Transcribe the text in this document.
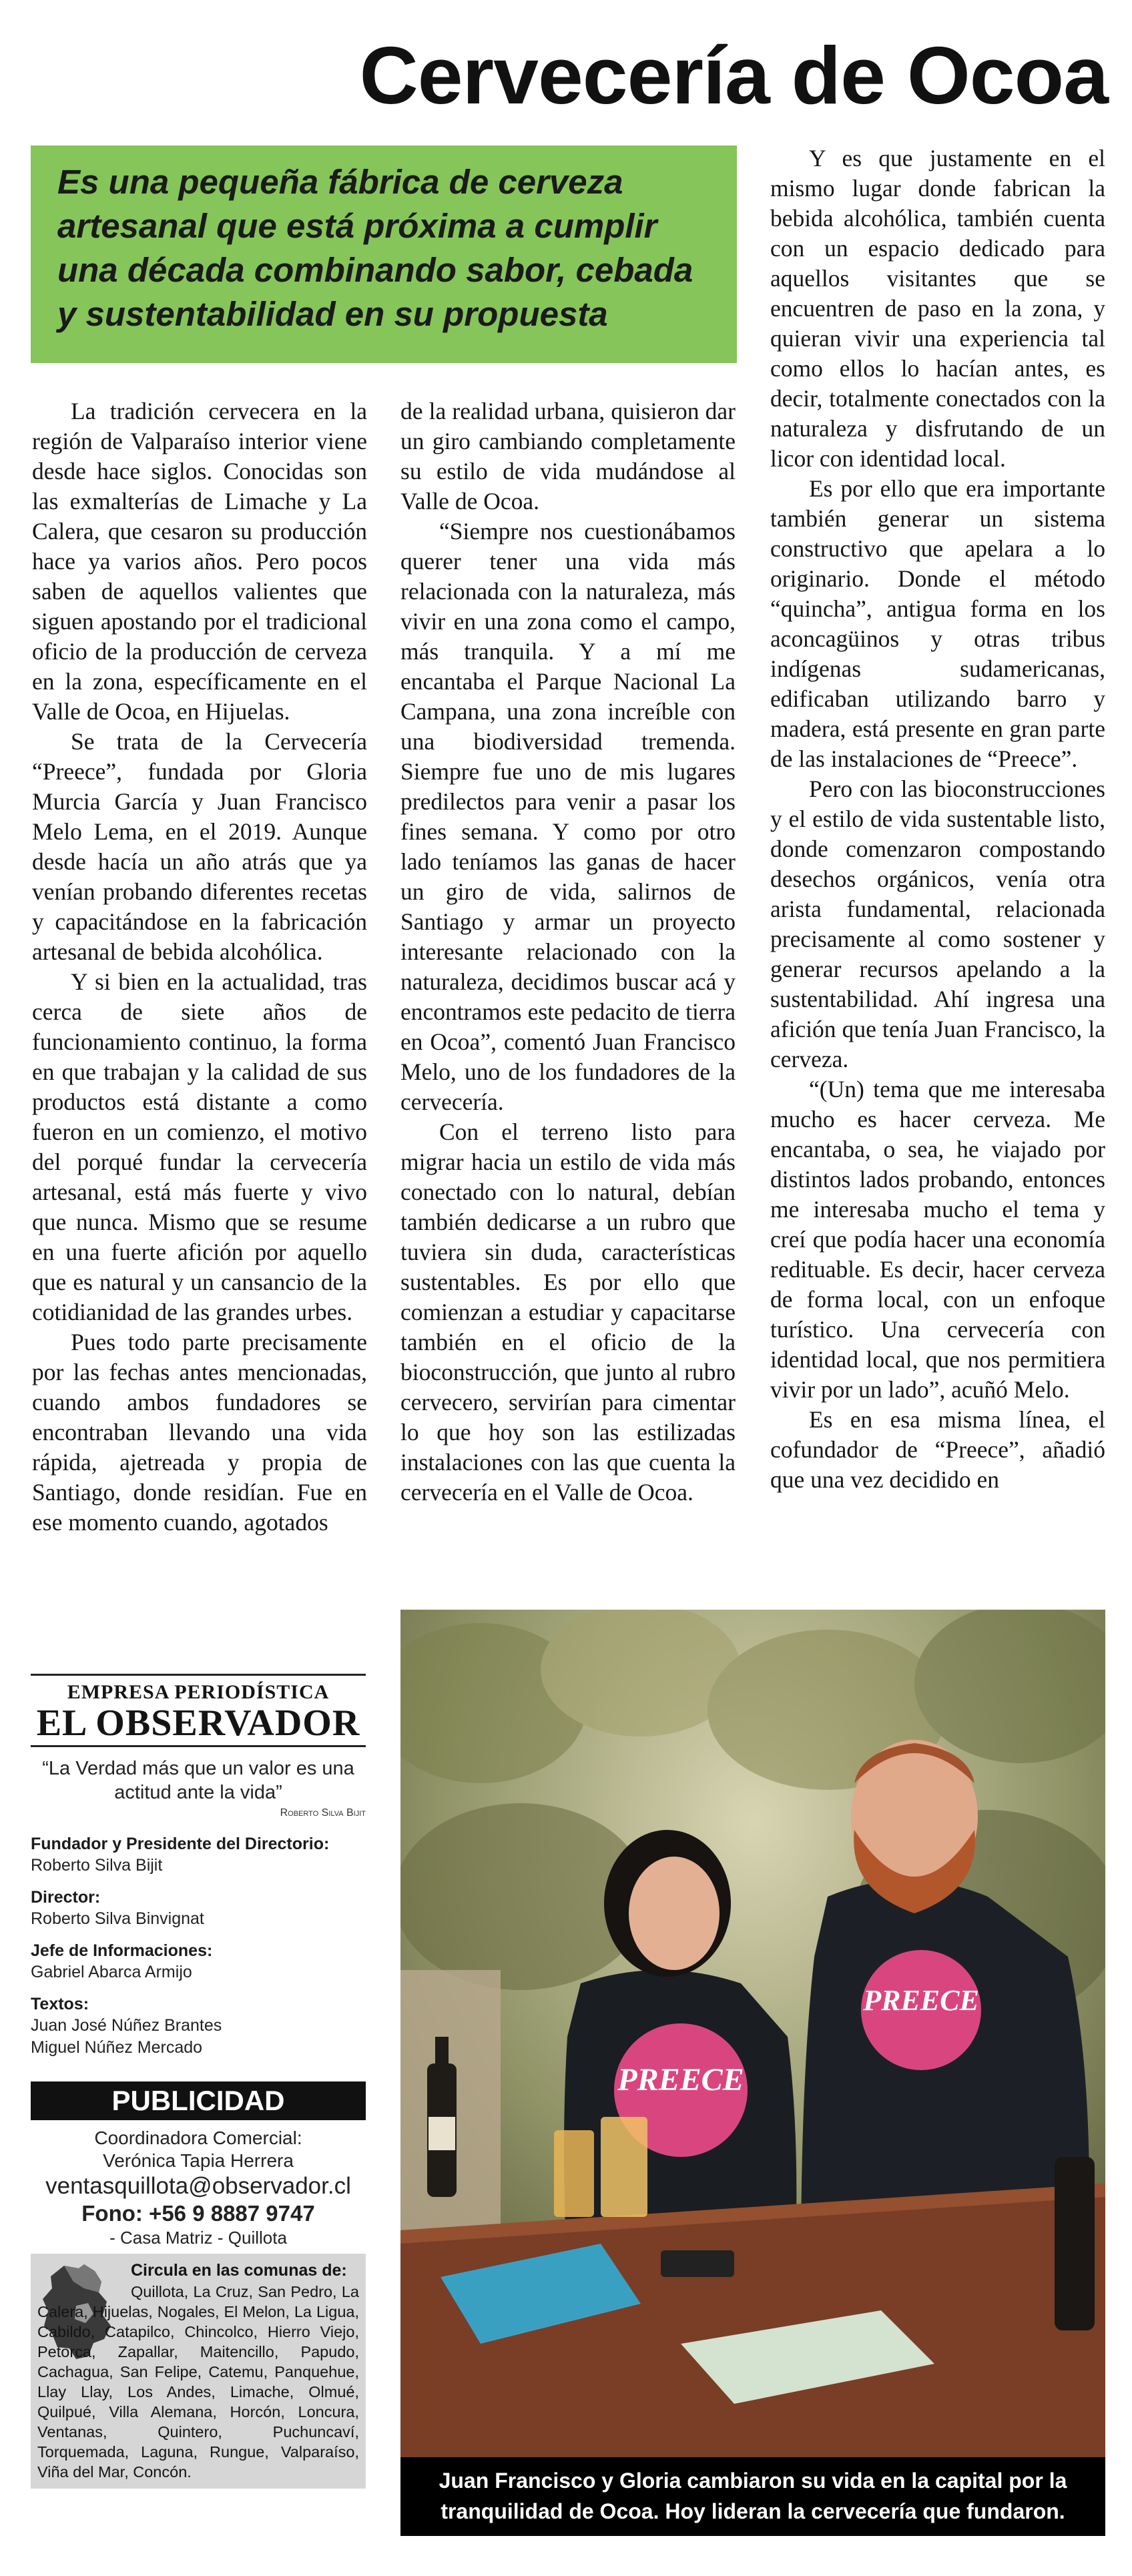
Cervecería de Ocoa

Es una pequeña fábrica de cerveza artesanal que está próxima a cumplir una década combinando sabor, cebada y sustentabilidad en su propuesta

La tradición cervecera en la región de Valparaíso interior viene desde hace siglos. Conocidas son las exmalterías de Limache y La Calera, que cesaron su producción hace ya varios años. Pero pocos saben de aquellos valientes que siguen apostando por el tradicional oficio de la producción de cerveza en la zona, específicamente en el Valle de Ocoa, en Hijuelas.

Se trata de la Cervecería “Preece”, fundada por Gloria Murcia García y Juan Francisco Melo Lema, en el 2019. Aunque desde hacía un año atrás que ya venían probando diferentes recetas y capacitándose en la fabricación artesanal de bebida alcohólica.

Y si bien en la actualidad, tras cerca de siete años de funcionamiento continuo, la forma en que trabajan y la calidad de sus productos está distante a como fueron en un comienzo, el motivo del porqué fundar la cervecería artesanal, está más fuerte y vivo que nunca. Mismo que se resume en una fuerte afición por aquello que es natural y un cansancio de la cotidianidad de las grandes urbes.

Pues todo parte precisamente por las fechas antes mencionadas, cuando ambos fundadores se encontraban llevando una vida rápida, ajetreada y propia de Santiago, donde residían. Fue en ese momento cuando, agotados

de la realidad urbana, quisieron dar un giro cambiando completamente su estilo de vida mudándose al Valle de Ocoa.

“Siempre nos cuestionábamos querer tener una vida más relacionada con la naturaleza, más vivir en una zona como el campo, más tranquila. Y a mí me encantaba el Parque Nacional La Campana, una zona increíble con una biodiversidad tremenda. Siempre fue uno de mis lugares predilectos para venir a pasar los fines semana. Y como por otro lado teníamos las ganas de hacer un giro de vida, salirnos de Santiago y armar un proyecto interesante relacionado con la naturaleza, decidimos buscar acá y encontramos este pedacito de tierra en Ocoa”, comentó Juan Francisco Melo, uno de los fundadores de la cervecería.

Con el terreno listo para migrar hacia un estilo de vida más conectado con lo natural, debían también dedicarse a un rubro que tuviera sin duda, características sustentables. Es por ello que comienzan a estudiar y capacitarse también en el oficio de la bioconstrucción, que junto al rubro cervecero, servirían para cimentar lo que hoy son las estilizadas instalaciones con las que cuenta la cervecería en el Valle de Ocoa.

Y es que justamente en el mismo lugar donde fabrican la bebida alcohólica, también cuenta con un espacio dedicado para aquellos visitantes que se encuentren de paso en la zona, y quieran vivir una experiencia tal como ellos lo hacían antes, es decir, totalmente conectados con la naturaleza y disfrutando de un licor con identidad local.

Es por ello que era importante también generar un sistema constructivo que apelara a lo originario. Donde el método “quincha”, antigua forma en los aconcagüinos y otras tribus indígenas sudamericanas, edificaban utilizando barro y madera, está presente en gran parte de las instalaciones de “Preece”.

Pero con las bioconstrucciones y el estilo de vida sustentable listo, donde comenzaron compostando desechos orgánicos, venía otra arista fundamental, relacionada precisamente al como sostener y generar recursos apelando a la sustentabilidad. Ahí ingresa una afición que tenía Juan Francisco, la cerveza.

“(Un) tema que me interesaba mucho es hacer cerveza. Me encantaba, o sea, he viajado por distintos lados probando, entonces me interesaba mucho el tema y creí que podía hacer una economía redituable. Es decir, hacer cerveza de forma local, con un enfoque turístico. Una cervecería con identidad local, que nos permitiera vivir por un lado”, acuñó Melo.

Es en esa misma línea, el cofundador de “Preece”, añadió que una vez decidido en

EMPRESA PERIODÍSTICA
EL OBSERVADOR
“La Verdad más que un valor es una actitud ante la vida”
Roberto Silva Bijit
Fundador y Presidente del Directorio:
Roberto Silva Bijit
Director:
Roberto Silva Binvignat
Jefe de Informaciones:
Gabriel Abarca Armijo
Textos:
Juan José Núñez Brantes
Miguel Núñez Mercado
PUBLICIDAD
Coordinadora Comercial:
Verónica Tapia Herrera
ventasquillota@observador.cl
Fono: +56 9 8887 9747
- Casa Matriz - Quillota
Circula en las comunas de:
Quillota, La Cruz, San Pedro, La Calera, Hijuelas, Nogales, El Melon, La Ligua, Cabildo, Catapilco, Chincolco, Hierro Viejo, Petorca, Zapallar, Maitencillo, Papudo, Cachagua, San Felipe, Catemu, Panquehue, Llay Llay, Los Andes, Limache, Olmué, Quilpué, Villa Alemana, Horcón, Loncura, Ventanas, Quintero, Puchuncaví, Torquemada, Laguna, Rungue, Valparaíso, Viña del Mar, Concón.
PREECE
PREECE
Juan Francisco y Gloria cambiaron su vida en la capital por la tranquilidad de Ocoa. Hoy lideran la cervecería que fundaron.
